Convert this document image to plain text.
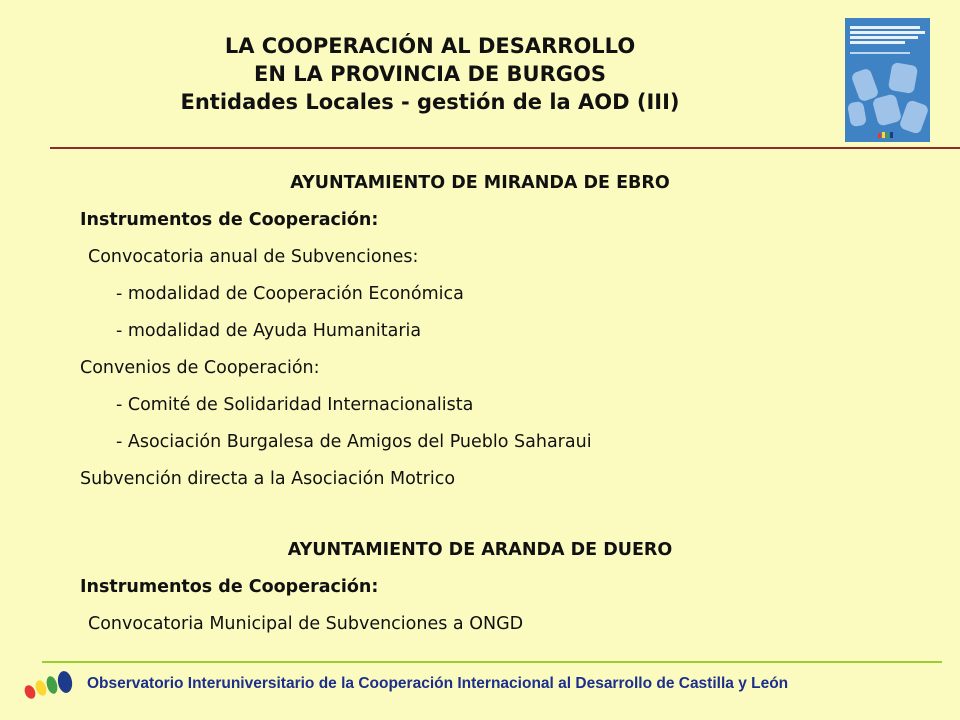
LA COOPERACIÓN AL DESARROLLO
EN LA PROVINCIA DE BURGOS
Entidades Locales - gestión de la AOD (III)
AYUNTAMIENTO DE MIRANDA DE EBRO
Instrumentos de Cooperación:
Convocatoria anual de Subvenciones:
- modalidad de Cooperación Económica
- modalidad de Ayuda Humanitaria
Convenios de Cooperación:
- Comité de Solidaridad Internacionalista
- Asociación Burgalesa de Amigos del Pueblo Saharaui
Subvención directa a la Asociación Motrico
AYUNTAMIENTO DE ARANDA DE DUERO
Instrumentos de Cooperación:
Convocatoria Municipal de Subvenciones a ONGD
Observatorio Interuniversitario de la Cooperación Internacional al Desarrollo de Castilla y León
